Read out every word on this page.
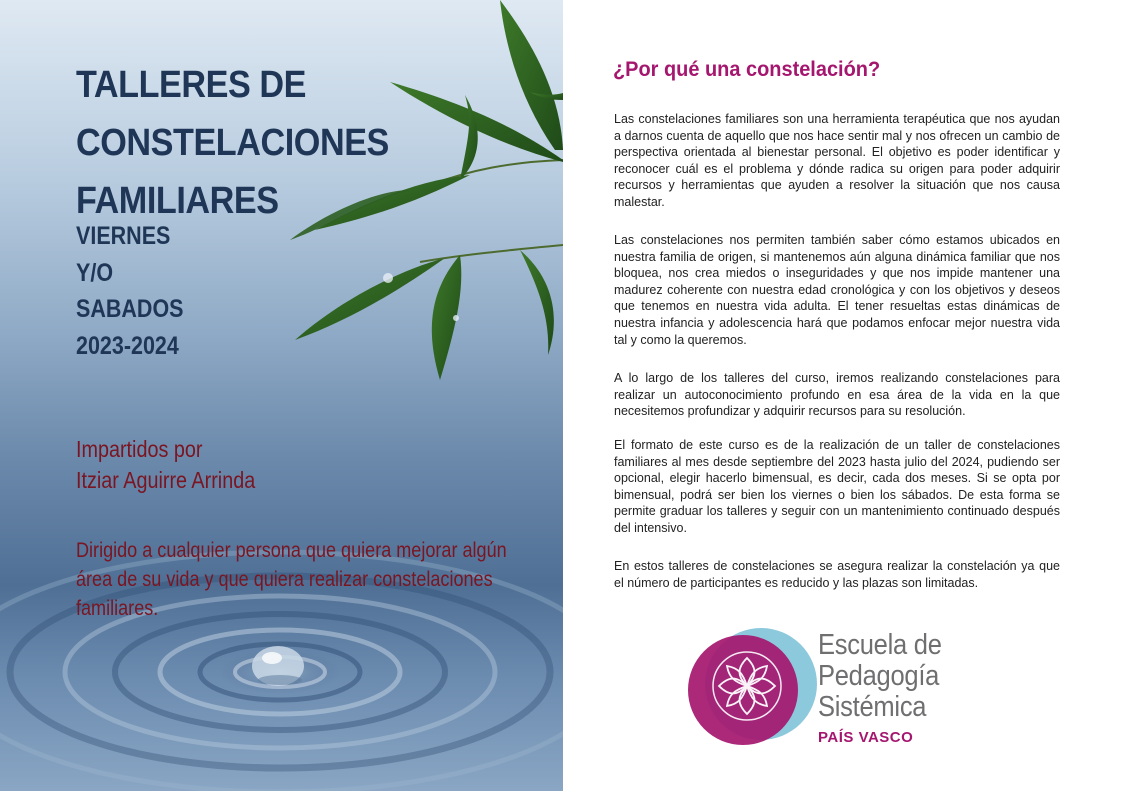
TALLERES DE
CONSTELACIONES
FAMILIARES
VIERNES
Y/O
SABADOS
2023-2024
Impartidos por
Itziar Aguirre Arrinda
Dirigido a cualquier persona que quiera mejorar algún
área de su vida y que quiera realizar constelaciones
familiares.
¿Por qué una constelación?

Las constelaciones familiares son una herramienta terapéutica que nos ayudan a darnos cuenta de aquello que nos hace sentir mal y nos ofrecen un cambio de perspectiva orientada al bienestar personal. El objetivo es poder identificar y reconocer cuál es el problema y dónde radica su origen para poder adquirir recursos y herramientas que ayuden a resolver la situación que nos causa malestar.

Las constelaciones nos permiten también saber cómo estamos ubicados en nuestra familia de origen, si mantenemos aún alguna dinámica familiar que nos bloquea, nos crea miedos o inseguridades y que nos impide mantener una madurez coherente con nuestra edad cronológica y con los objetivos y deseos que tenemos en nuestra vida adulta. El tener resueltas estas dinámicas de nuestra infancia y adolescencia hará que podamos enfocar mejor nuestra vida tal y como la queremos.

A lo largo de los talleres del curso, iremos realizando constelaciones para realizar un autoconocimiento profundo en esa área de la vida en la que necesitemos profundizar y adquirir recursos para su resolución.

El formato de este curso es de la realización de un taller de constelaciones familiares al mes desde septiembre del 2023 hasta julio del 2024, pudiendo ser opcional, elegir hacerlo bimensual, es decir, cada dos meses. Si se opta por bimensual, podrá ser bien los viernes o bien los sábados. De esta forma se permite graduar los talleres y seguir con un mantenimiento continuado después del intensivo.

En estos talleres de constelaciones se asegura realizar la constelación ya que el número de participantes es reducido y las plazas son limitadas.

Escuela de
Pedagogía
Sistémica
PAÍS VASCO
